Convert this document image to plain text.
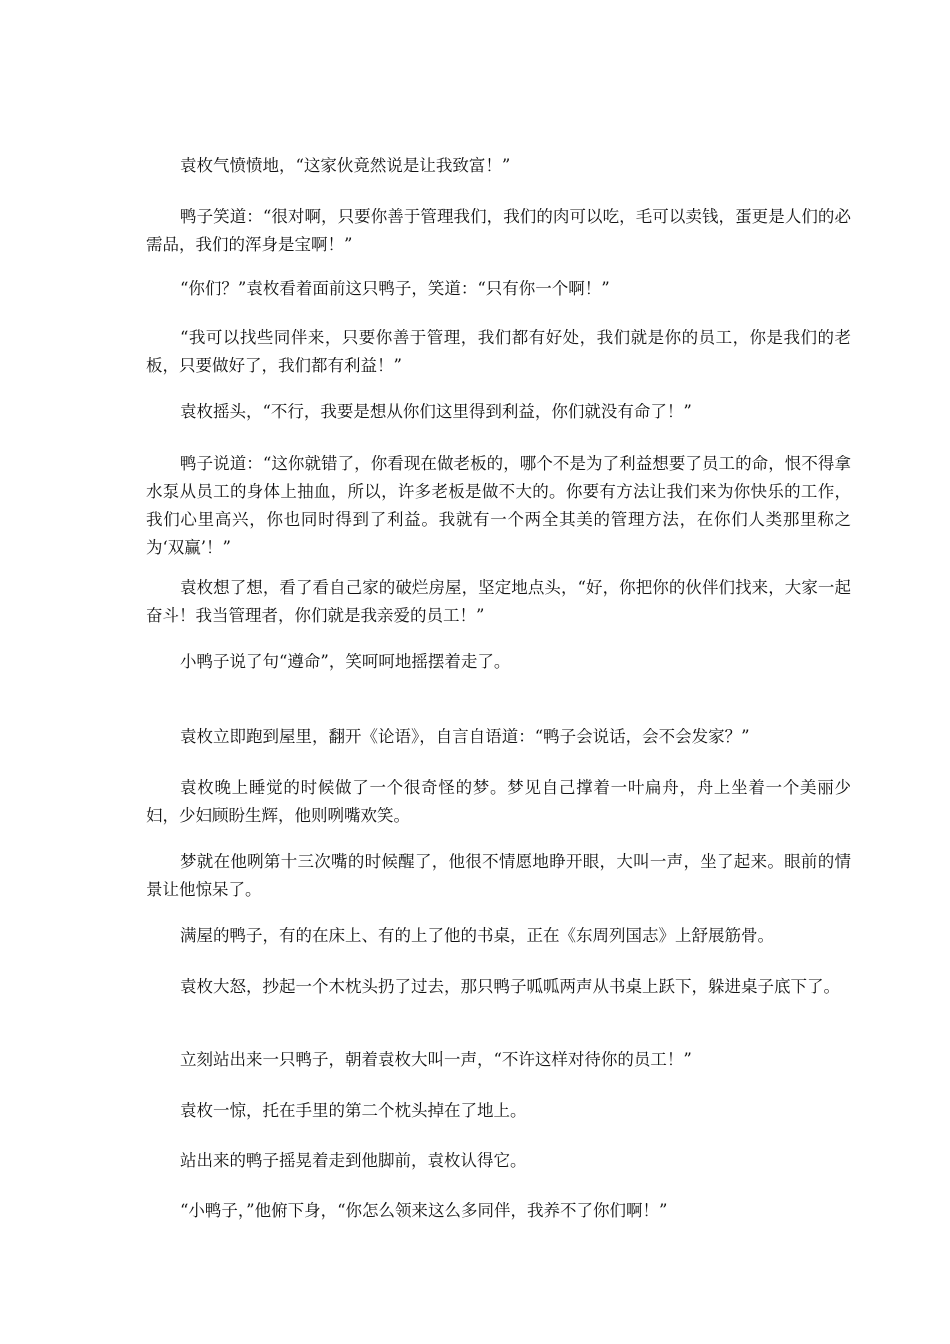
袁枚气愤愤地，“这家伙竟然说是让我致富！”

鸭子笑道：“很对啊，只要你善于管理我们，我们的肉可以吃，毛可以卖钱，蛋更是人们的必需品，我们的浑身是宝啊！”

“你们？”袁枚看着面前这只鸭子，笑道：“只有你一个啊！”

“我可以找些同伴来，只要你善于管理，我们都有好处，我们就是你的员工，你是我们的老板，只要做好了，我们都有利益！”

袁枚摇头，“不行，我要是想从你们这里得到利益，你们就没有命了！”

鸭子说道：“这你就错了，你看现在做老板的，哪个不是为了利益想要了员工的命，恨不得拿水泵从员工的身体上抽血，所以，许多老板是做不大的。你要有方法让我们来为你快乐的工作，我们心里高兴，你也同时得到了利益。我就有一个两全其美的管理方法，在你们人类那里称之为‘双赢’！”

袁枚想了想，看了看自己家的破烂房屋，坚定地点头，“好，你把你的伙伴们找来，大家一起奋斗！我当管理者，你们就是我亲爱的员工！”

小鸭子说了句“遵命”，笑呵呵地摇摆着走了。

袁枚立即跑到屋里，翻开《论语》，自言自语道：“鸭子会说话，会不会发家？”

袁枚晚上睡觉的时候做了一个很奇怪的梦。梦见自己撑着一叶扁舟，舟上坐着一个美丽少妇，少妇顾盼生辉，他则咧嘴欢笑。

梦就在他咧第十三次嘴的时候醒了，他很不情愿地睁开眼，大叫一声，坐了起来。眼前的情景让他惊呆了。

满屋的鸭子，有的在床上、有的上了他的书桌，正在《东周列国志》上舒展筋骨。

袁枚大怒，抄起一个木枕头扔了过去，那只鸭子呱呱两声从书桌上跃下，躲进桌子底下了。

立刻站出来一只鸭子，朝着袁枚大叫一声，“不许这样对待你的员工！”

袁枚一惊，托在手里的第二个枕头掉在了地上。

站出来的鸭子摇晃着走到他脚前，袁枚认得它。

“小鸭子，”他俯下身，“你怎么领来这么多同伴，我养不了你们啊！”
